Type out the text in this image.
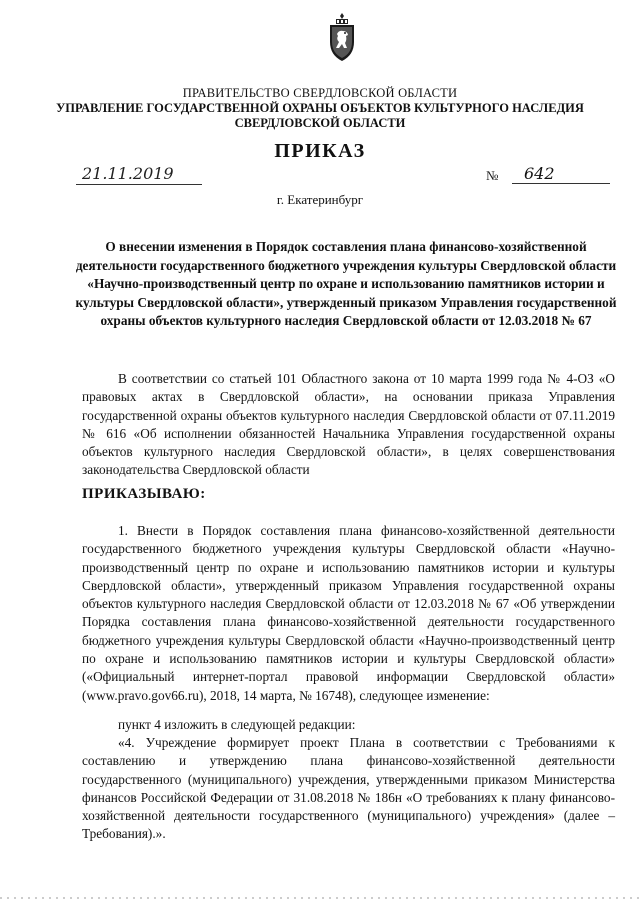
ПРАВИТЕЛЬСТВО СВЕРДЛОВСКОЙ ОБЛАСТИ
УПРАВЛЕНИЕ ГОСУДАРСТВЕННОЙ ОХРАНЫ ОБЪЕКТОВ КУЛЬТУРНОГО НАСЛЕДИЯ
СВЕРДЛОВСКОЙ ОБЛАСТИ
ПРИКАЗ
21.11.2019	№	642
г. Екатеринбург
О внесении изменения в Порядок составления плана финансово-хозяйственной деятельности государственного бюджетного учреждения культуры Свердловской области «Научно-производственный центр по охране и использованию памятников истории и культуры Свердловской области», утвержденный приказом Управления государственной охраны объектов культурного наследия Свердловской области от 12.03.2018 № 67
В соответствии со статьей 101 Областного закона от 10 марта 1999 года № 4-ОЗ «О правовых актах в Свердловской области», на основании приказа Управления государственной охраны объектов культурного наследия Свердловской области от 07.11.2019 № 616 «Об исполнении обязанностей Начальника Управления государственной охраны объектов культурного наследия Свердловской области», в целях совершенствования законодательства Свердловской области
ПРИКАЗЫВАЮ:
1. Внести в Порядок составления плана финансово-хозяйственной деятельности государственного бюджетного учреждения культуры Свердловской области «Научно-производственный центр по охране и использованию памятников истории и культуры Свердловской области», утвержденный приказом Управления государственной охраны объектов культурного наследия Свердловской области от 12.03.2018 № 67 «Об утверждении Порядка составления плана финансово-хозяйственной деятельности государственного бюджетного учреждения культуры Свердловской области «Научно-производственный центр по охране и использованию памятников истории и культуры Свердловской области» («Официальный интернет-портал правовой информации Свердловской области» (www.pravo.gov66.ru), 2018, 14 марта, № 16748), следующее изменение:
пункт 4 изложить в следующей редакции:
«4. Учреждение формирует проект Плана в соответствии с Требованиями к составлению и утверждению плана финансово-хозяйственной деятельности государственного (муниципального) учреждения, утвержденными приказом Министерства финансов Российской Федерации от 31.08.2018 № 186н «О требованиях к плану финансово-хозяйственной деятельности государственного (муниципального) учреждения» (далее – Требования).».
